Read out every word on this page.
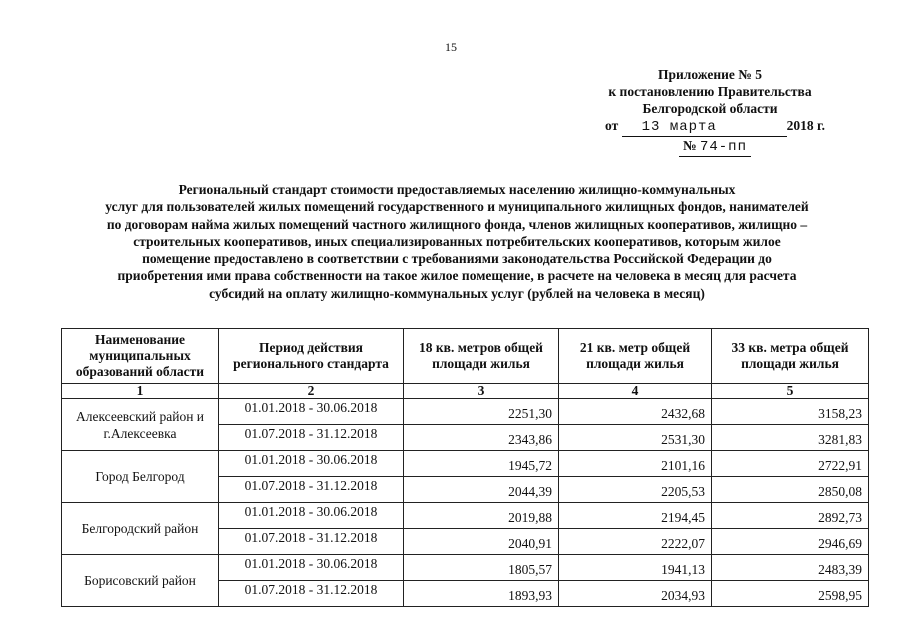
15
Приложение № 5
к постановлению Правительства
Белгородской области
от 13 марта	2018 г.
№ 74-пп
Региональный стандарт стоимости предоставляемых населению жилищно-коммунальных
услуг для пользователей жилых помещений государственного и муниципального жилищных фондов, нанимателей
по договорам найма жилых помещений частного жилищного фонда, членов жилищных кооперативов, жилищно –
строительных кооперативов, иных специализированных потребительских кооперативов, которым жилое
помещение предоставлено в соответствии с требованиями законодательства Российской Федерации до
приобретения ими права собственности на такое жилое помещение, в расчете на человека в месяц для расчета
субсидий на оплату жилищно-коммунальных услуг (рублей на человека в месяц)
Наименование муниципальных образований области	Период действия регионального стандарта	18 кв. метров общей площади жилья	21 кв. метр общей площади жилья	33 кв. метра общей площади жилья
1	2	3	4	5
Алексеевский район и г.Алексеевка	01.01.2018 - 30.06.2018	2251,30	2432,68	3158,23
	01.07.2018 - 31.12.2018	2343,86	2531,30	3281,83
Город Белгород	01.01.2018 - 30.06.2018	1945,72	2101,16	2722,91
	01.07.2018 - 31.12.2018	2044,39	2205,53	2850,08
Белгородский район	01.01.2018 - 30.06.2018	2019,88	2194,45	2892,73
	01.07.2018 - 31.12.2018	2040,91	2222,07	2946,69
Борисовский район	01.01.2018 - 30.06.2018	1805,57	1941,13	2483,39
	01.07.2018 - 31.12.2018	1893,93	2034,93	2598,95
